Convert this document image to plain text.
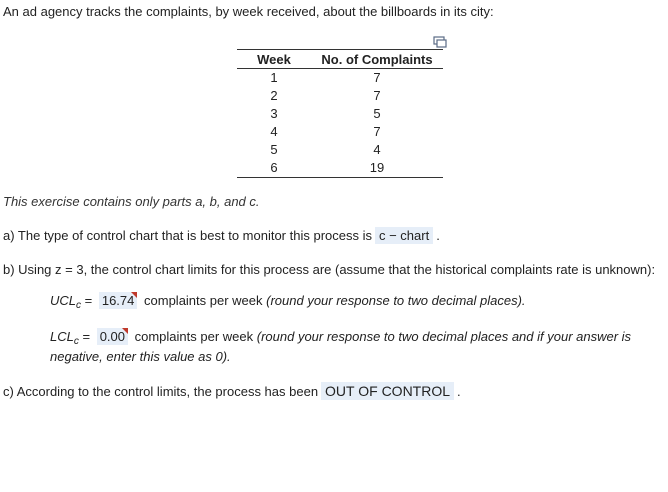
An ad agency tracks the complaints, by week received, about the billboards in its city:
Week	No. of Complaints
1	7
2	7
3	5
4	7
5	4
6	19
This exercise contains only parts a, b, and c.
a) The type of control chart that is best to monitor this process is c − chart .
b) Using z = 3, the control chart limits for this process are (assume that the historical complaints rate is unknown):
$UCL_c = 16.74$ complaints per week (round your response to two decimal places).
$LCL_c = 0.00$ complaints per week (round your response to two decimal places and if your answer is
negative, enter this value as 0).
c) According to the control limits, the process has been OUT OF CONTROL .
